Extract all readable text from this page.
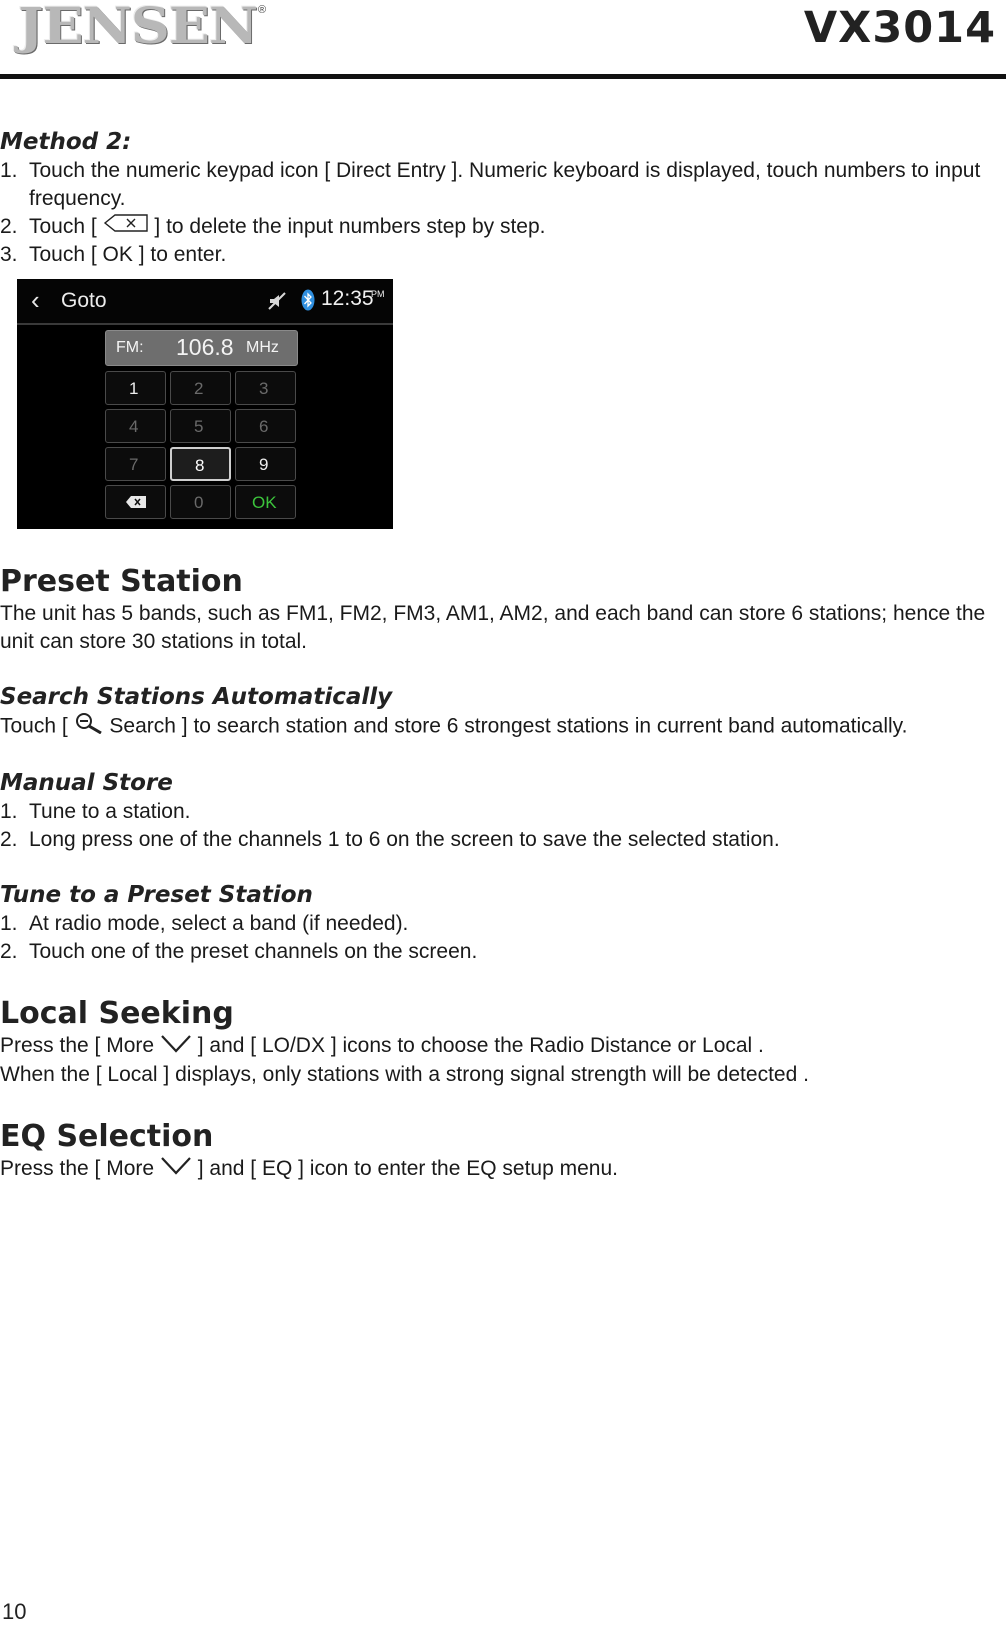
JENSEN ®	VX3014
Method 2:
1. Touch the numeric keypad icon [ Direct Entry ]. Numeric keyboard is displayed, touch numbers to input frequency.
2. Touch [	] to delete the input numbers step by step.
3. Touch [ OK ] to enter.
‹ Goto	12:35
PM
FM: 106.8 MHz
1	2	3
4	5	6
7	8	9
0	OK
Preset Station

The unit has 5 bands, such as FM1, FM2, FM3, AM1, AM2, and each band can store 6 stations; hence the unit can store 30 stations in total.

Search Stations Automatically

Touch [ Search ] to search station and store 6 strongest stations in current band automatically.

Manual Store
1. Tune to a station.
2. Long press one of the channels 1 to 6 on the screen to save the selected station.
Tune to a Preset Station
1. At radio mode, select a band (if needed).
2. Touch one of the preset channels on the screen.
Local Seeking

Press the [ More ] and [ LO/DX ] icons to choose the Radio Distance or Local .

When the [ Local ] displays, only stations with a strong signal strength will be detected .

EQ Selection

Press the [ More ] and [ EQ ] icon to enter the EQ setup menu.

10
